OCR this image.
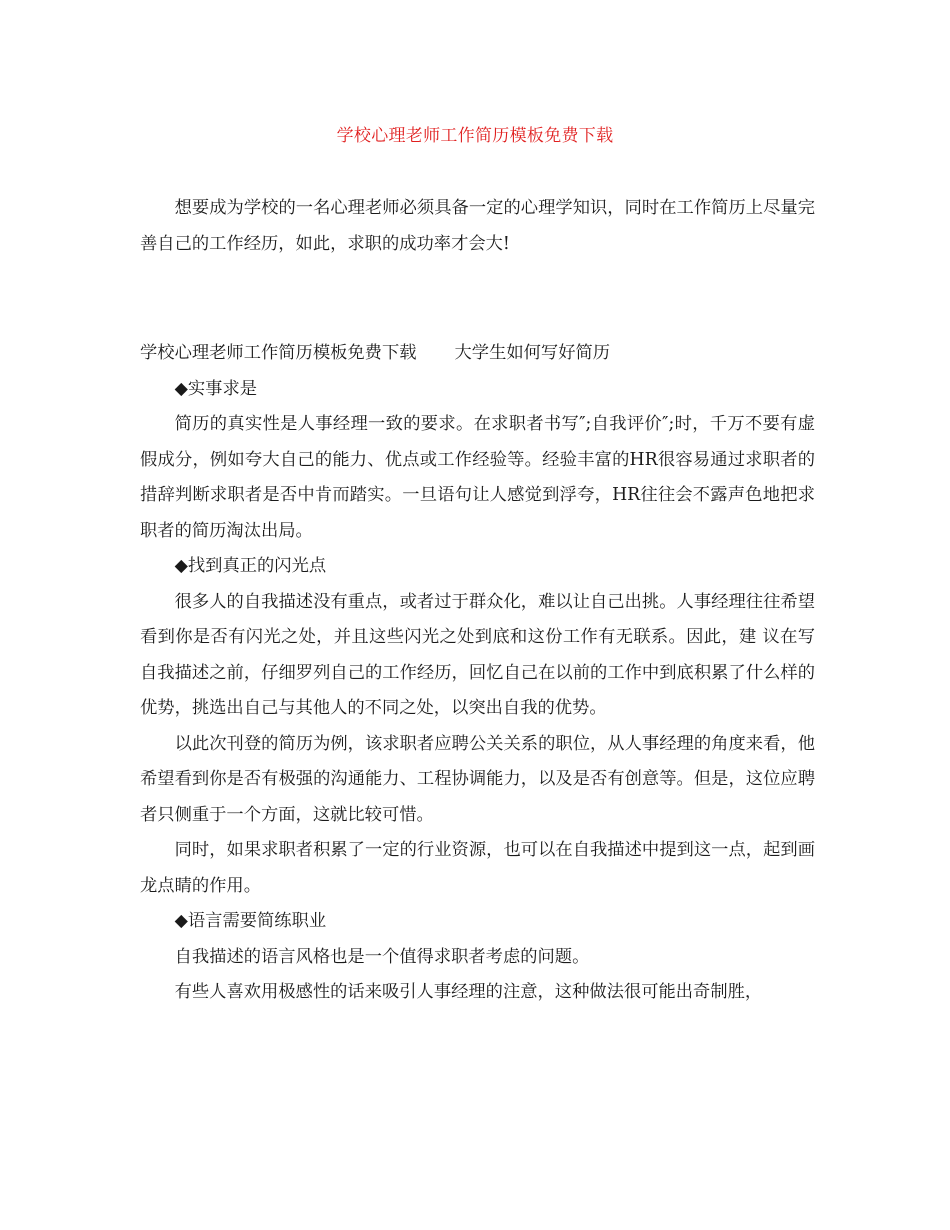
学校心理老师工作简历模板免费下载

想要成为学校的一名心理老师必须具备一定的心理学知识，同时在工作简历上尽量完善自己的工作经历，如此，求职的成功率才会大!

学校心理老师工作简历模板免费下载 大学生如何写好简历

◆实事求是

简历的真实性是人事经理一致的要求。在求职者书写″;自我评价″;时，千万不要有虚假成分，例如夸大自己的能力、优点或工作经验等。经验丰富的HR很容易通过求职者的措辞判断求职者是否中肯而踏实。一旦语句让人感觉到浮夸，HR往往会不露声色地把求职者的简历淘汰出局。

◆找到真正的闪光点

很多人的自我描述没有重点，或者过于群众化，难以让自己出挑。人事经理往往希望看到你是否有闪光之处，并且这些闪光之处到底和这份工作有无联系。因此，建 议在写自我描述之前，仔细罗列自己的工作经历，回忆自己在以前的工作中到底积累了什么样的优势，挑选出自己与其他人的不同之处，以突出自我的优势。

以此次刊登的简历为例，该求职者应聘公关关系的职位，从人事经理的角度来看，他希望看到你是否有极强的沟通能力、工程协调能力，以及是否有创意等。但是，这位应聘者只侧重于一个方面，这就比较可惜。

同时，如果求职者积累了一定的行业资源，也可以在自我描述中提到这一点，起到画龙点睛的作用。

◆语言需要简练职业

自我描述的语言风格也是一个值得求职者考虑的问题。

有些人喜欢用极感性的话来吸引人事经理的注意，这种做法很可能出奇制胜，
